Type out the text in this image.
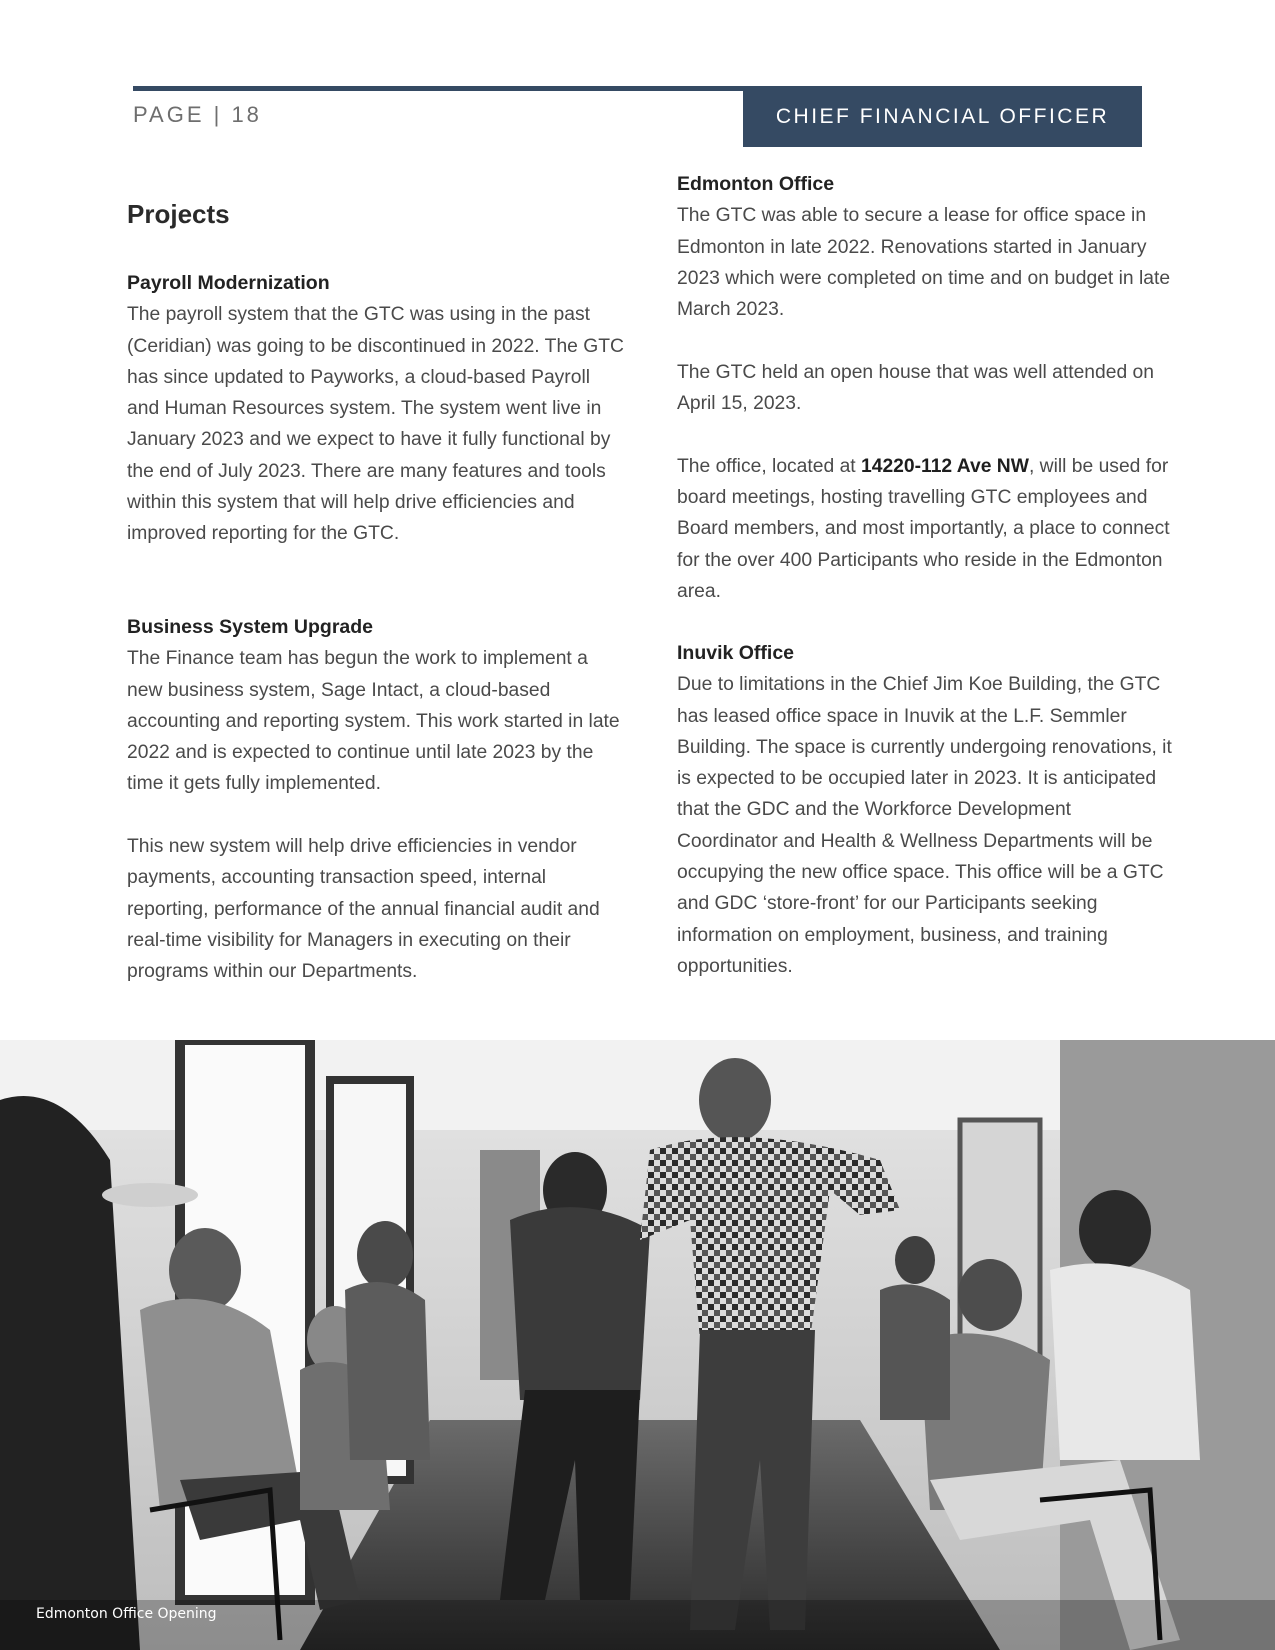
PAGE | 18	CHIEF FINANCIAL OFFICER
Projects
Payroll Modernization

The payroll system that the GTC was using in the past (Ceridian) was going to be discontinued in 2022. The GTC has since updated to Payworks, a cloud-based Payroll and Human Resources system. The system went live in January 2023 and we expect to have it fully functional by the end of July 2023. There are many features and tools within this system that will help drive efficiencies and improved reporting for the GTC.

Business System Upgrade

The Finance team has begun the work to implement a new business system, Sage Intact, a cloud-based accounting and reporting system. This work started in late 2022 and is expected to continue until late 2023 by the time it gets fully implemented.

This new system will help drive efficiencies in vendor payments, accounting transaction speed, internal reporting, performance of the annual financial audit and real-time visibility for Managers in executing on their programs within our Departments.

Edmonton Office

The GTC was able to secure a lease for office space in Edmonton in late 2022. Renovations started in January 2023 which were completed on time and on budget in late March 2023.

The GTC held an open house that was well attended on April 15, 2023.

The office, located at 14220-112 Ave NW, will be used for board meetings, hosting travelling GTC employees and Board members, and most importantly, a place to connect for the over 400 Participants who reside in the Edmonton area.

Inuvik Office

Due to limitations in the Chief Jim Koe Building, the GTC has leased office space in Inuvik at the L.F. Semmler Building. The space is currently undergoing renovations, it is expected to be occupied later in 2023. It is anticipated that the GDC and the Workforce Development Coordinator and Health & Wellness Departments will be occupying the new office space. This office will be a GTC and GDC ‘store-front’ for our Participants seeking information on employment, business, and training opportunities.

Edmonton Office Opening
